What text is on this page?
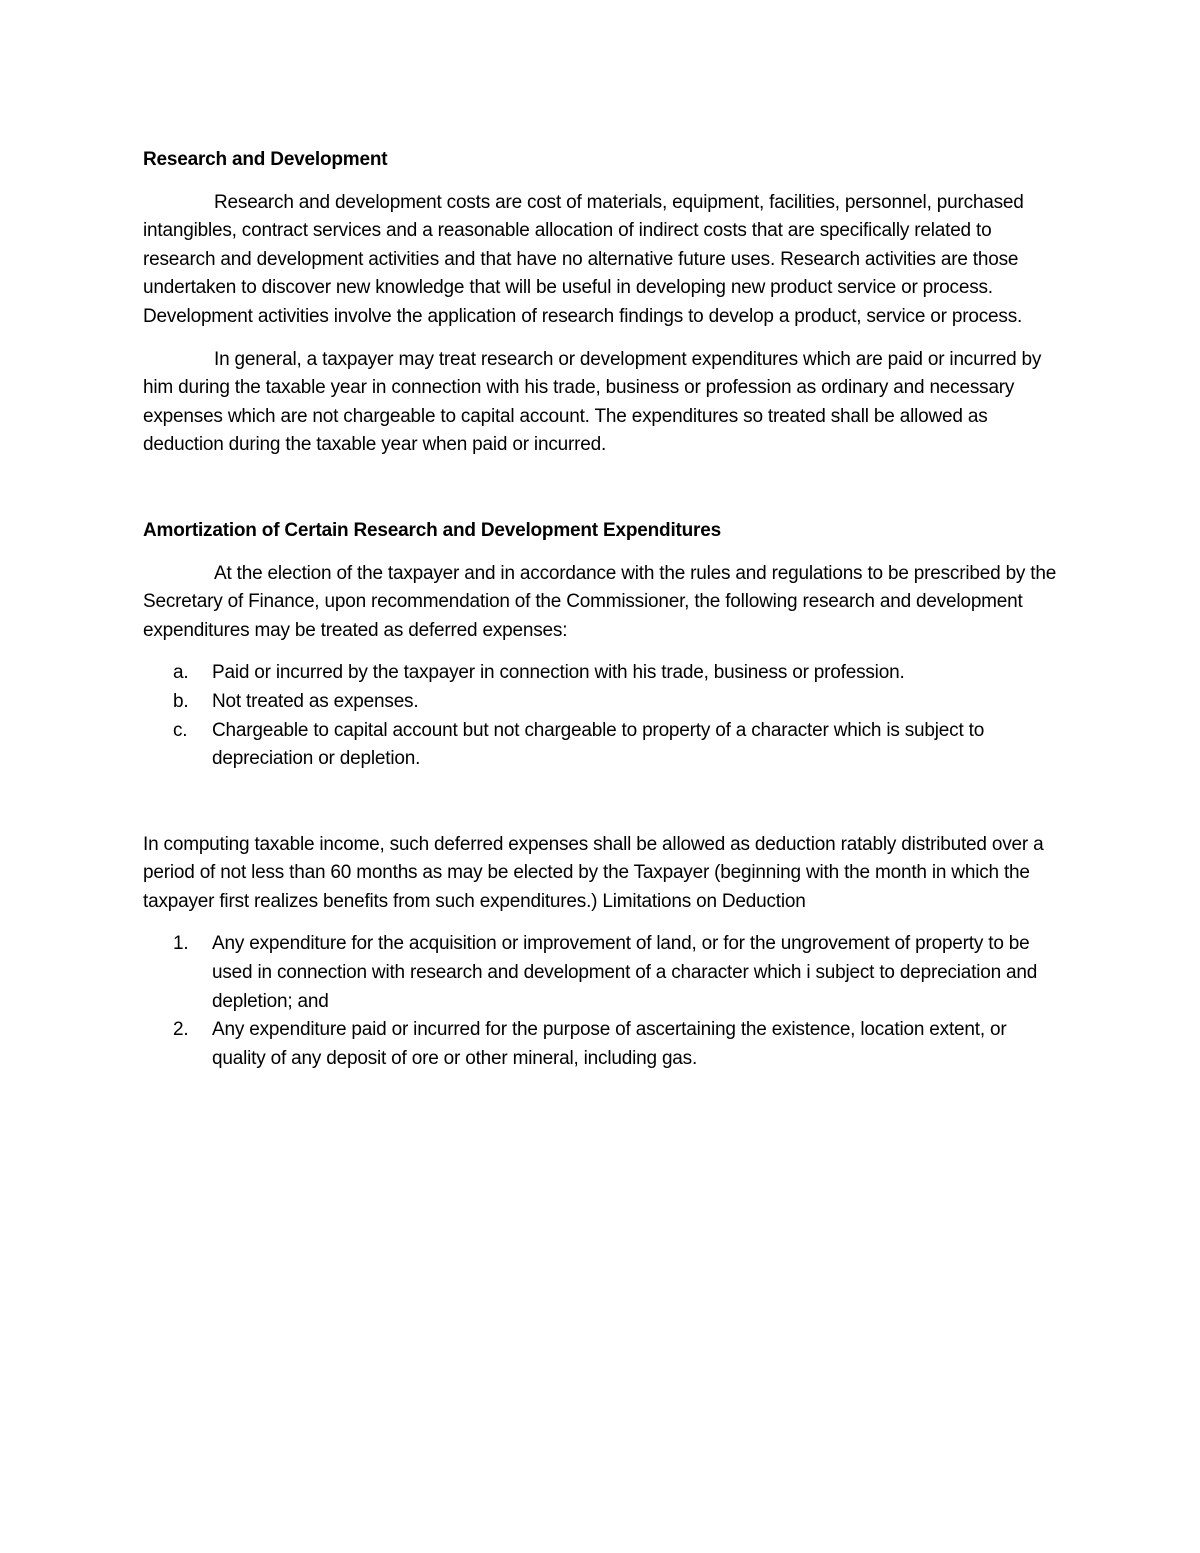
Research and Development

Research and development costs are cost of materials, equipment, facilities, personnel, purchased intangibles, contract services and a reasonable allocation of indirect costs that are specifically related to research and development activities and that have no alternative future uses. Research activities are those undertaken to discover new knowledge that will be useful in developing new product service or process. Development activities involve the application of research findings to develop a product, service or process.

In general, a taxpayer may treat research or development expenditures which are paid or incurred by him during the taxable year in connection with his trade, business or profession as ordinary and necessary expenses which are not chargeable to capital account. The expenditures so treated shall be allowed as deduction during the taxable year when paid or incurred.

Amortization of Certain Research and Development Expenditures

At the election of the taxpayer and in accordance with the rules and regulations to be prescribed by the Secretary of Finance, upon recommendation of the Commissioner, the following research and development expenditures may be treated as deferred expenses:

a.	Paid or incurred by the taxpayer in connection with his trade, business or profession.
b.	Not treated as expenses.
c.	Chargeable to capital account but not chargeable to property of a character which is subject to depreciation or depletion.

In computing taxable income, such deferred expenses shall be allowed as deduction ratably distributed over a period of not less than 60 months as may be elected by the Taxpayer (beginning with the month in which the taxpayer first realizes benefits from such expenditures.) Limitations on Deduction

1.	Any expenditure for the acquisition or improvement of land, or for the ungrovement of property to be used in connection with research and development of a character which i subject to depreciation and depletion; and
2.	Any expenditure paid or incurred for the purpose of ascertaining the existence, location extent, or quality of any deposit of ore or other mineral, including gas.
